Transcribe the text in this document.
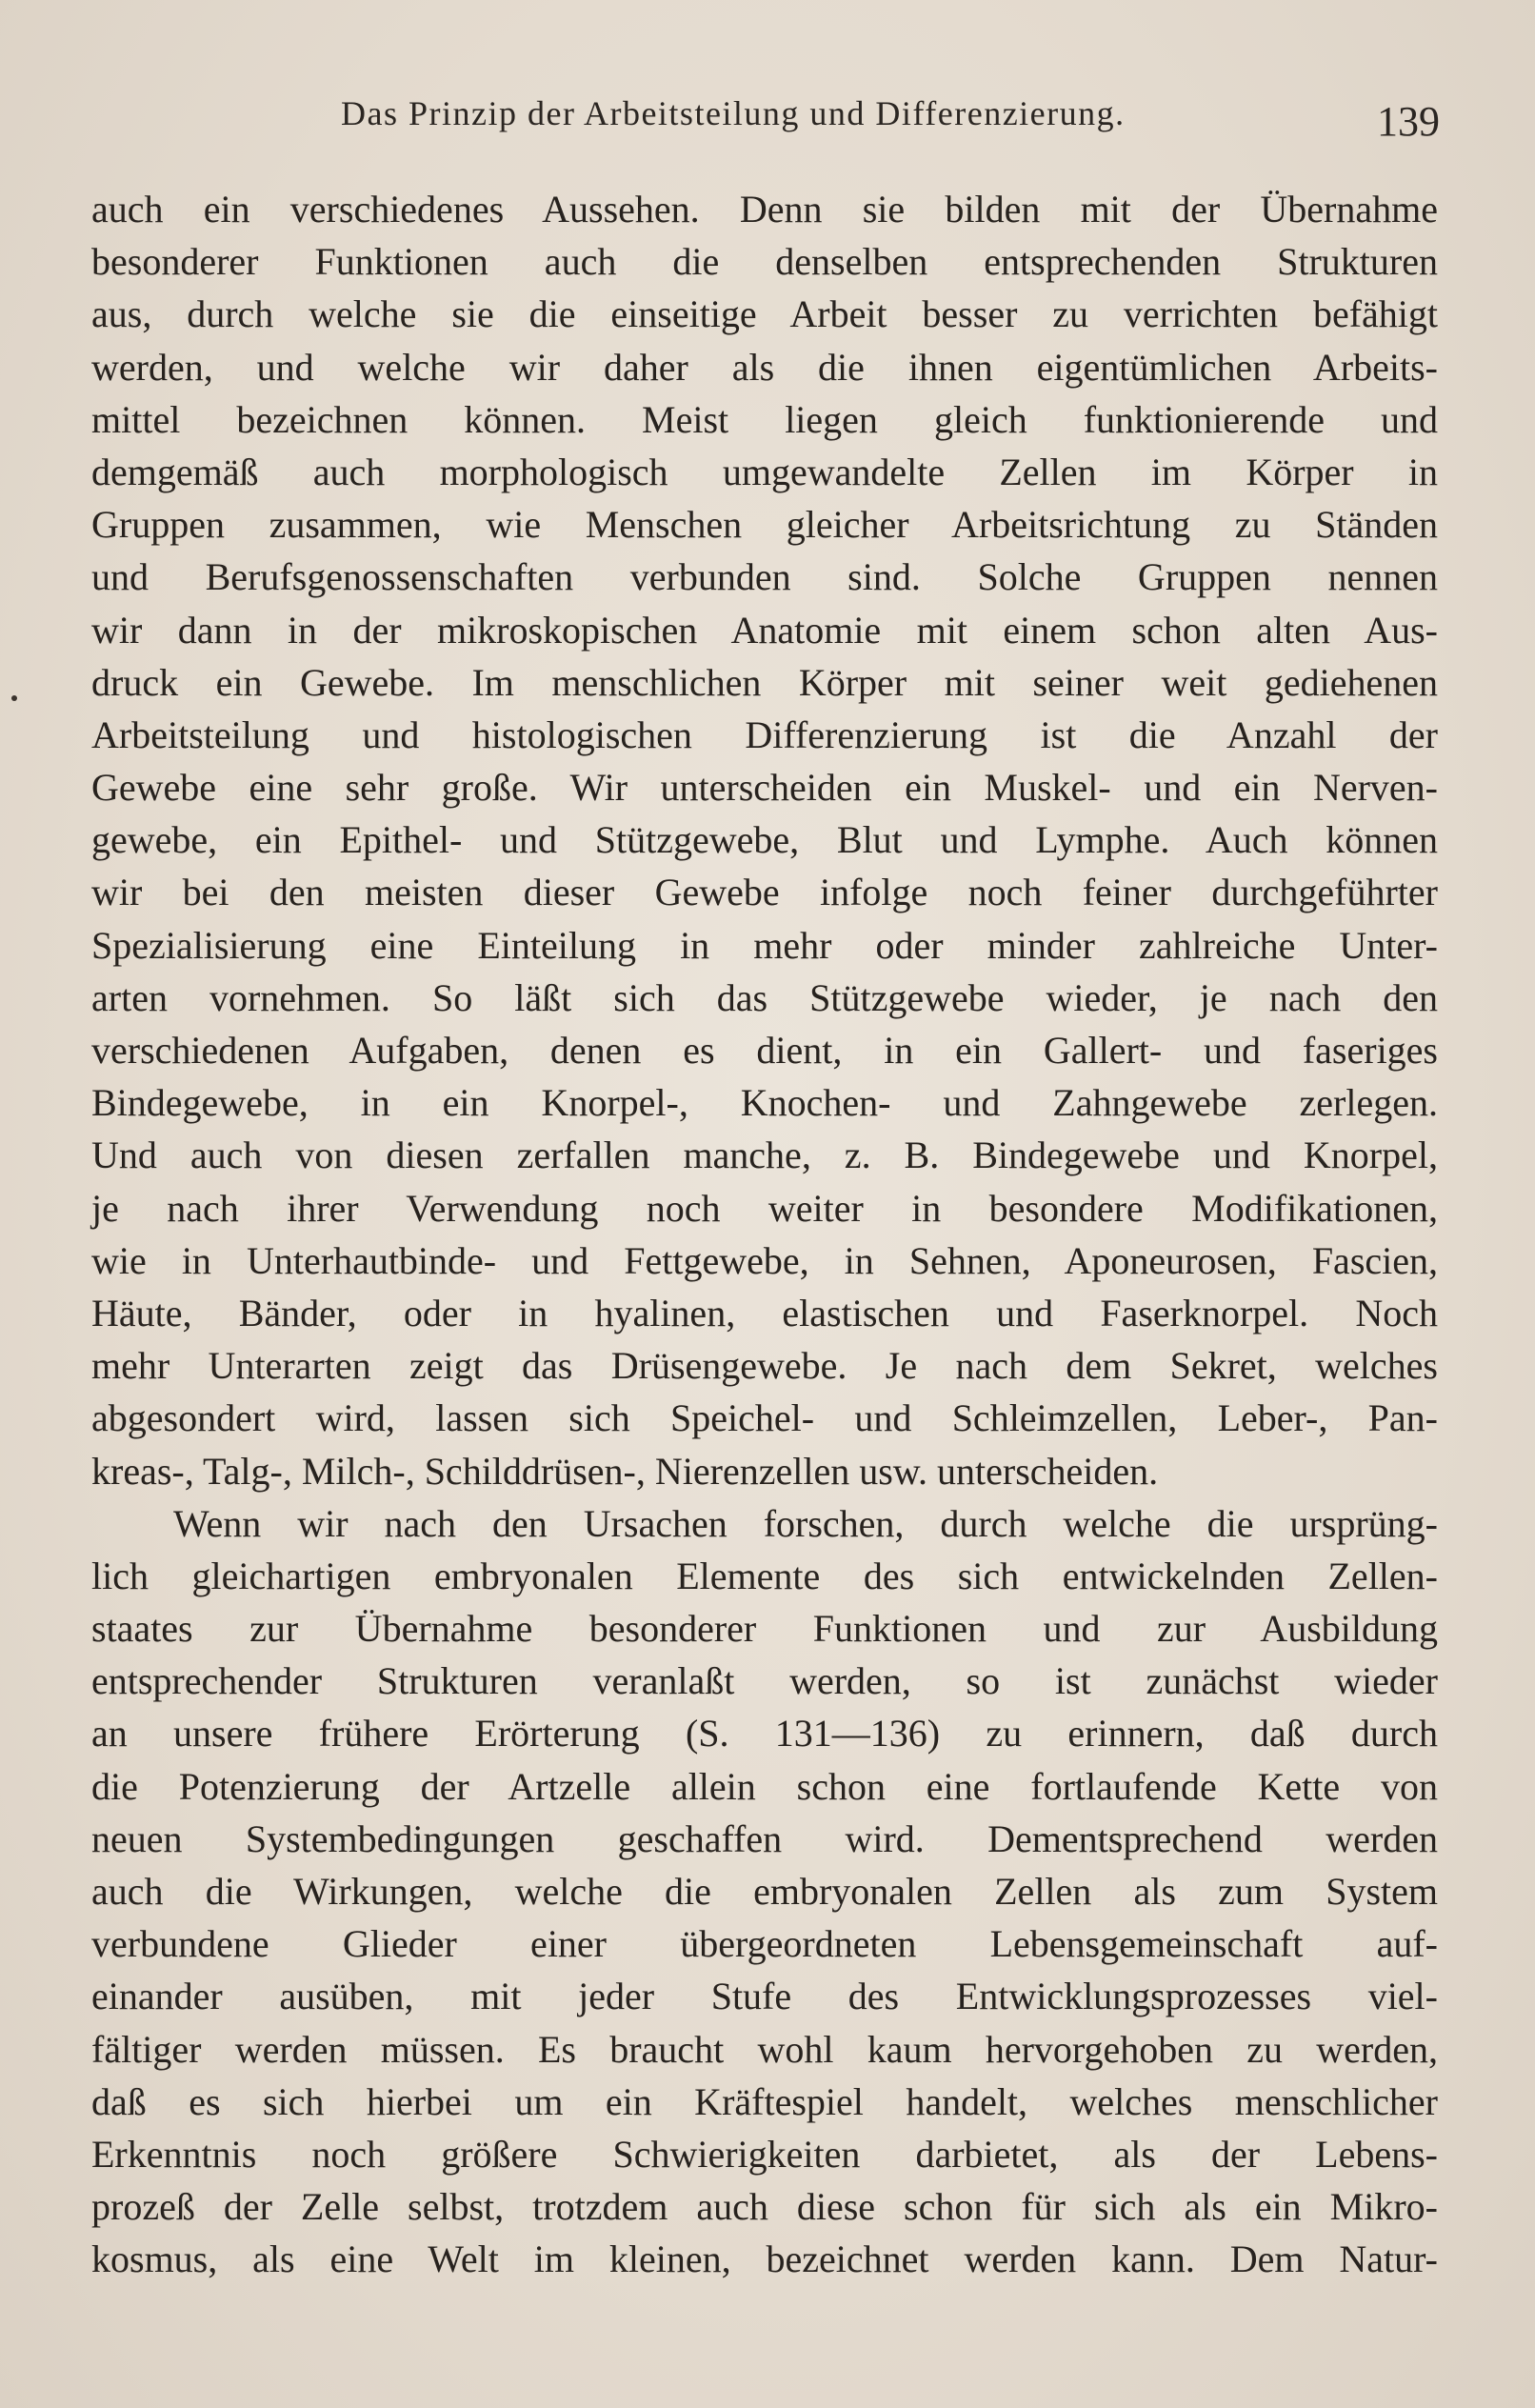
Das Prinzip der Arbeitsteilung und Differenzierung.	139
auch ein verschiedenes Aussehen. Denn sie bilden mit der Übernahme
besonderer Funktionen auch die denselben entsprechenden Strukturen
aus, durch welche sie die einseitige Arbeit besser zu verrichten befähigt
werden, und welche wir daher als die ihnen eigentümlichen Arbeits-
mittel bezeichnen können. Meist liegen gleich funktionierende und
demgemäß auch morphologisch umgewandelte Zellen im Körper in
Gruppen zusammen, wie Menschen gleicher Arbeitsrichtung zu Ständen
und Berufsgenossenschaften verbunden sind. Solche Gruppen nennen
wir dann in der mikroskopischen Anatomie mit einem schon alten Aus-
druck ein Gewebe. Im menschlichen Körper mit seiner weit gediehenen
Arbeitsteilung und histologischen Differenzierung ist die Anzahl der
Gewebe eine sehr große. Wir unterscheiden ein Muskel- und ein Nerven-
gewebe, ein Epithel- und Stützgewebe, Blut und Lymphe. Auch können
wir bei den meisten dieser Gewebe infolge noch feiner durchgeführter
Spezialisierung eine Einteilung in mehr oder minder zahlreiche Unter-
arten vornehmen. So läßt sich das Stützgewebe wieder, je nach den
verschiedenen Aufgaben, denen es dient, in ein Gallert- und faseriges
Bindegewebe, in ein Knorpel-, Knochen- und Zahngewebe zerlegen.
Und auch von diesen zerfallen manche, z. B. Bindegewebe und Knorpel,
je nach ihrer Verwendung noch weiter in besondere Modifikationen,
wie in Unterhautbinde- und Fettgewebe, in Sehnen, Aponeurosen, Fascien,
Häute, Bänder, oder in hyalinen, elastischen und Faserknorpel. Noch
mehr Unterarten zeigt das Drüsengewebe. Je nach dem Sekret, welches
abgesondert wird, lassen sich Speichel- und Schleimzellen, Leber-, Pan-
kreas-, Talg-, Milch-, Schilddrüsen-, Nierenzellen usw. unterscheiden.
Wenn wir nach den Ursachen forschen, durch welche die ursprüng-
lich gleichartigen embryonalen Elemente des sich entwickelnden Zellen-
staates zur Übernahme besonderer Funktionen und zur Ausbildung
entsprechender Strukturen veranlaßt werden, so ist zunächst wieder
an unsere frühere Erörterung (S. 131—136) zu erinnern, daß durch
die Potenzierung der Artzelle allein schon eine fortlaufende Kette von
neuen Systembedingungen geschaffen wird. Dementsprechend werden
auch die Wirkungen, welche die embryonalen Zellen als zum System
verbundene Glieder einer übergeordneten Lebensgemeinschaft auf-
einander ausüben, mit jeder Stufe des Entwicklungsprozesses viel-
fältiger werden müssen. Es braucht wohl kaum hervorgehoben zu werden,
daß es sich hierbei um ein Kräftespiel handelt, welches menschlicher
Erkenntnis noch größere Schwierigkeiten darbietet, als der Lebens-
prozeß der Zelle selbst, trotzdem auch diese schon für sich als ein Mikro-
kosmus, als eine Welt im kleinen, bezeichnet werden kann. Dem Natur-
